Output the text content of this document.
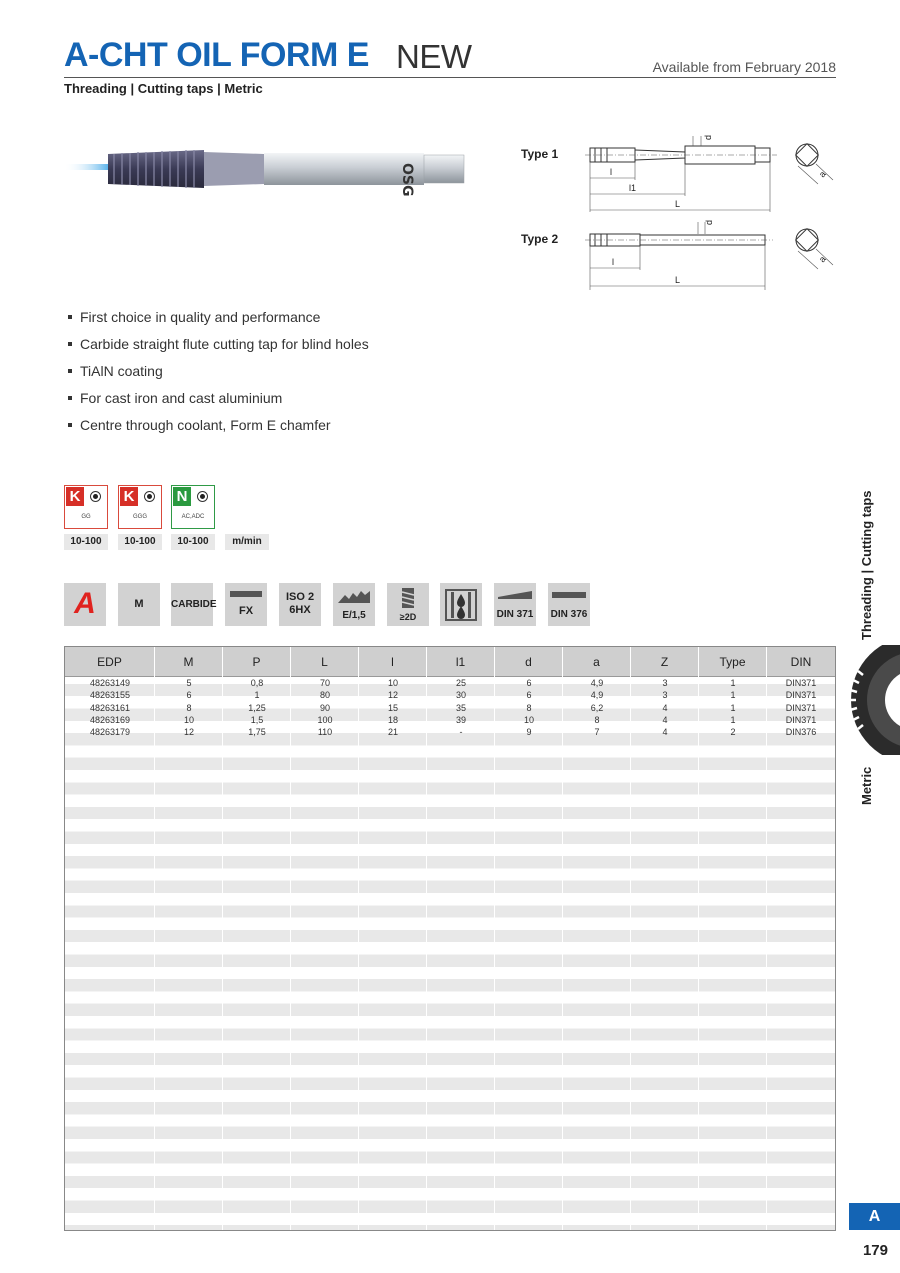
A-CHT OIL FORM E NEW	Available from February 2018
Threading | Cutting taps | Metric
OSG
Type 1
Type 2
l
l1
L
d
a
l
L
d
a
First choice in quality and performance
Carbide straight flute cutting tap for blind holes
TiAlN coating
For cast iron and cast aluminium
Centre through coolant, Form E chamfer
K
GG
K
GGG
N
AC,ADC
10-100	10-100	10-100	m/min
A	M	CARBIDE
FX
ISO 2
6HX	E/1,5	≥2D	DIN 371 DIN 376
EDP	M	P	L	l	l1	d	a	Z	Type	DIN
48263149	5	0,8	70	10	25	6	4,9	3	1	DIN371
48263155	6	1	80	12	30	6	4,9	3	1	DIN371
48263161	8	1,25	90	15	35	8	6,2	4	1	DIN371
48263169	10	1,5	100	18	39	10	8	4	1	DIN371
48263179	12	1,75	110	21	-	9	7	4	2	DIN376
Threading | Cutting taps
Metric
A
179
